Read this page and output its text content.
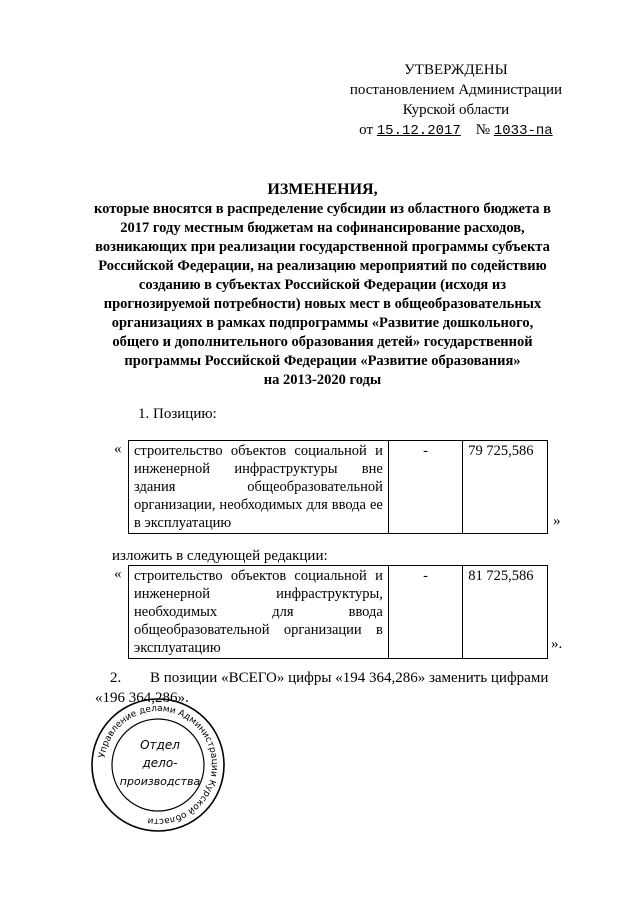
УТВЕРЖДЕНЫ
постановлением Администрации
Курской области
от 15.12.2017 № 1033-па
ИЗМЕНЕНИЯ,
которые вносятся в распределение субсидии из областного бюджета в
2017 году местным бюджетам на софинансирование расходов,
возникающих при реализации государственной программы субъекта
Российской Федерации, на реализацию мероприятий по содействию
созданию в субъектах Российской Федерации (исходя из
прогнозируемой потребности) новых мест в общеобразовательных
организациях в рамках подпрограммы «Развитие дошкольного,
общего и дополнительного образования детей» государственной
программы Российской Федерации «Развитие образования»
на 2013-2020 годы
1. Позицию:
« строительство объектов социальной и инженерной инфраструктуры вне здания общеобразовательной организации, необходимых для ввода ее в эксплуатацию	-	79 725,586
»
изложить в следующей редакции:
« строительство объектов социальной и инженерной инфраструктуры, необходимых для ввода общеобразовательной организации в эксплуатацию	-	81 725,586
».
2. В позиции «ВСЕГО» цифры «194 364,286» заменить цифрами
«196 364,286».
Управление делами Администрации Курской области
Отдел
дело-
производства
